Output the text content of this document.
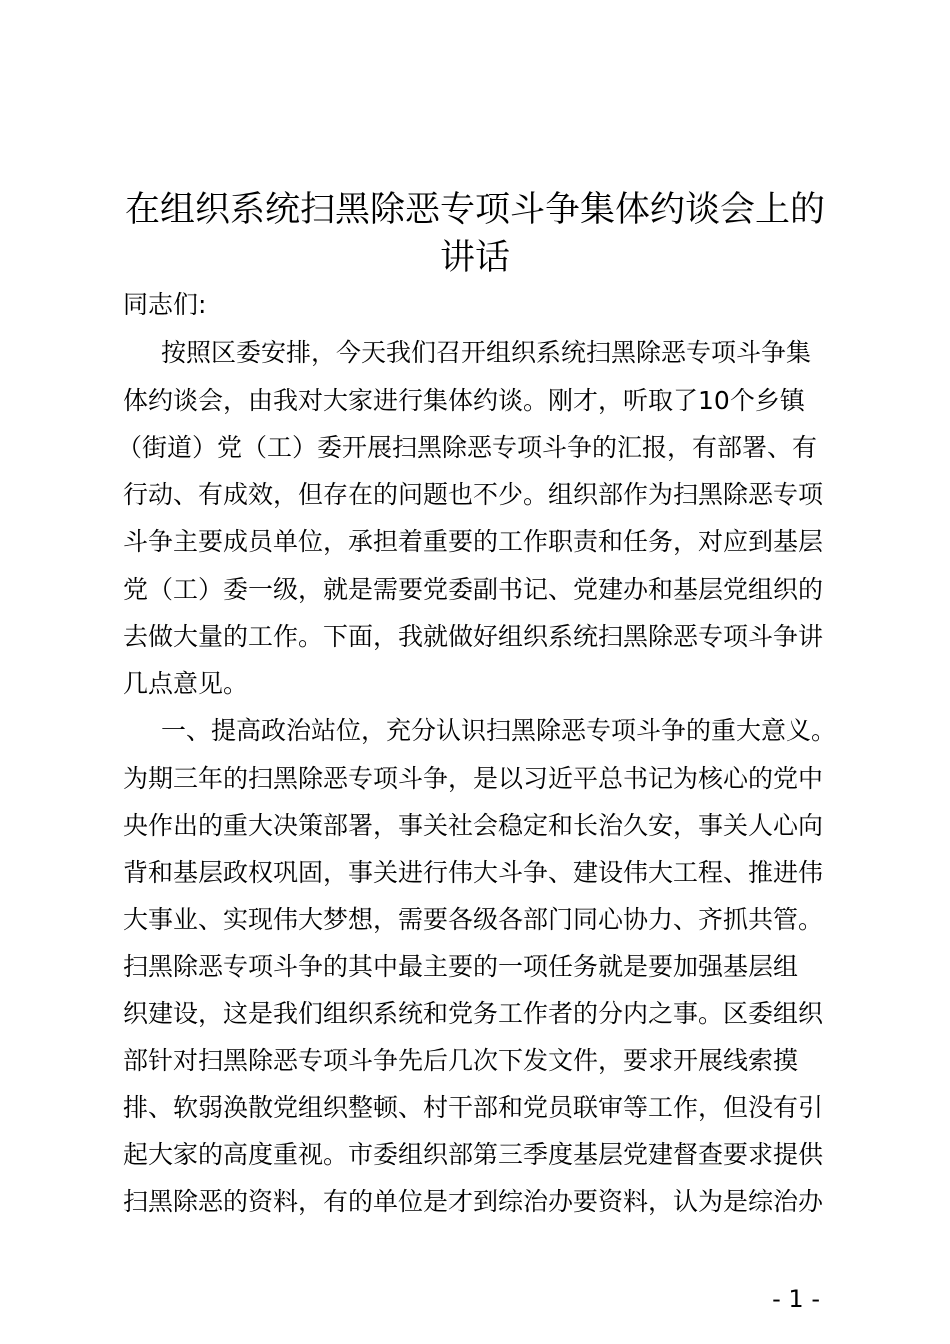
在组织系统扫黑除恶专项斗争集体约谈会上的
讲话

同志们:

按照区委安排，今天我们召开组织系统扫黑除恶专项斗争集

体约谈会，由我对大家进行集体约谈。刚才，听取了10个乡镇

（街道）党（工）委开展扫黑除恶专项斗争的汇报，有部署、有

行动、有成效，但存在的问题也不少。组织部作为扫黑除恶专项

斗争主要成员单位，承担着重要的工作职责和任务，对应到基层

党（工）委一级，就是需要党委副书记、党建办和基层党组织的

去做大量的工作。下面，我就做好组织系统扫黑除恶专项斗争讲

几点意见。

一、提高政治站位，充分认识扫黑除恶专项斗争的重大意义。

为期三年的扫黑除恶专项斗争，是以习近平总书记为核心的党中

央作出的重大决策部署，事关社会稳定和长治久安，事关人心向

背和基层政权巩固，事关进行伟大斗争、建设伟大工程、推进伟

大事业、实现伟大梦想，需要各级各部门同心协力、齐抓共管。

扫黑除恶专项斗争的其中最主要的一项任务就是要加强基层组

织建设，这是我们组织系统和党务工作者的分内之事。区委组织

部针对扫黑除恶专项斗争先后几次下发文件，要求开展线索摸

排、软弱涣散党组织整顿、村干部和党员联审等工作，但没有引

起大家的高度重视。市委组织部第三季度基层党建督查要求提供

扫黑除恶的资料，有的单位是才到综治办要资料，认为是综治办

- 1 -
